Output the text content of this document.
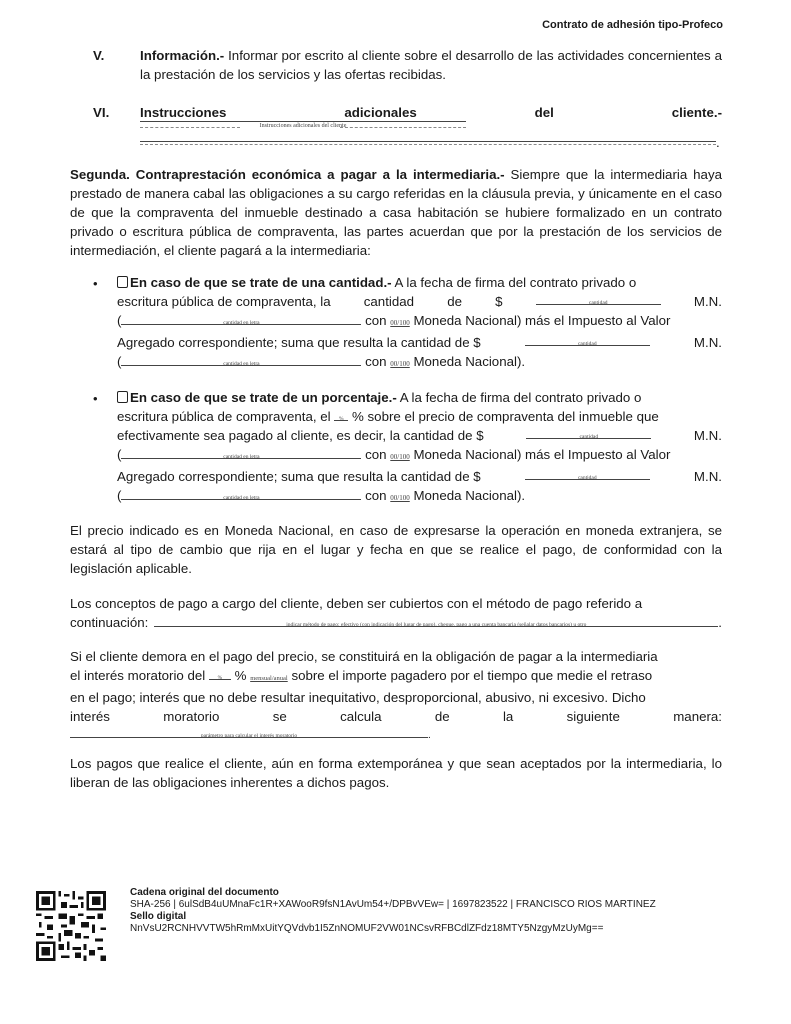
Contrato de adhesión tipo-Profeco
V.	Información.- Informar por escrito al cliente sobre el desarrollo de las actividades concernientes a la prestación de los servicios y las ofertas recibidas.
VI. Instrucciones	adicionales	del	cliente.-
Instrucciones adicionales del cliente
.
Segunda. Contraprestación económica a pagar a la intermediaria.- Siempre que la intermediaria haya prestado de manera cabal las obligaciones a su cargo referidas en la cláusula previa, y únicamente en el caso de que la compraventa del inmueble destinado a casa habitación se hubiere formalizado en un contrato privado o escritura pública de compraventa, las partes acuerdan que por la prestación de los servicios de intermediación, el cliente pagará a la intermediaria:
•	En caso de que se trate de una cantidad.- A la fecha de firma del contrato privado o
escritura pública de compraventa, la cantidad de $	cantidad	M.N.
(	cantidad en letra	con 00/100 Moneda Nacional) más el Impuesto al Valor
Agregado correspondiente; suma que resulta la cantidad de $	cantidad	M.N.
(	cantidad en letra	con 00/100 Moneda Nacional).
•	En caso de que se trate de un porcentaje.- A la fecha de firma del contrato privado o
escritura pública de compraventa, el	% % sobre el precio de compraventa del inmueble que
efectivamente sea pagado al cliente, es decir, la cantidad de $	cantidad	M.N.
(	cantidad en letra	con 00/100 Moneda Nacional) más el Impuesto al Valor
Agregado correspondiente; suma que resulta la cantidad de $	cantidad	M.N.
(	cantidad en letra	con 00/100 Moneda Nacional).
El precio indicado es en Moneda Nacional, en caso de expresarse la operación en moneda extranjera, se estará al tipo de cambio que rija en el lugar y fecha en que se realice el pago, de conformidad con la legislación aplicable.
Los conceptos de pago a cargo del cliente, deben ser cubiertos con el método de pago referido a
continuación:	indicar método de pago: efectivo (con indicación del lugar de pago), cheque, pago a una cuenta bancaria (señalar datos bancarios) u otro	.
Si el cliente demora en el pago del precio, se constituirá en la obligación de pagar a la intermediaria
el interés moratorio del	% % mensual/anual sobre el importe pagadero por el tiempo que medie el retraso
en el pago; interés que no debe resultar inequitativo, desproporcional, abusivo, ni excesivo. Dicho
interés	moratorio	se	calcula	de	la	siguiente	manera:
parámetro para calcular el interés moratorio	.
Los pagos que realice el cliente, aún en forma extemporánea y que sean aceptados por la intermediaria, lo liberan de las obligaciones inherentes a dichos pagos.
Cadena original del documento
SHA-256 | 6ulSdB4uUMnaFc1R+XAWooR9fsN1AvUm54+/DPBvVEw= | 1697823522 | FRANCISCO RIOS MARTINEZ
Sello digital
NnVsU2RCNHVVTW5hRmMxUitYQVdvb1I5ZnNOMUF2VW01NCsvRFBCdlZFdz18MTY5NzgyMzUyMg==
